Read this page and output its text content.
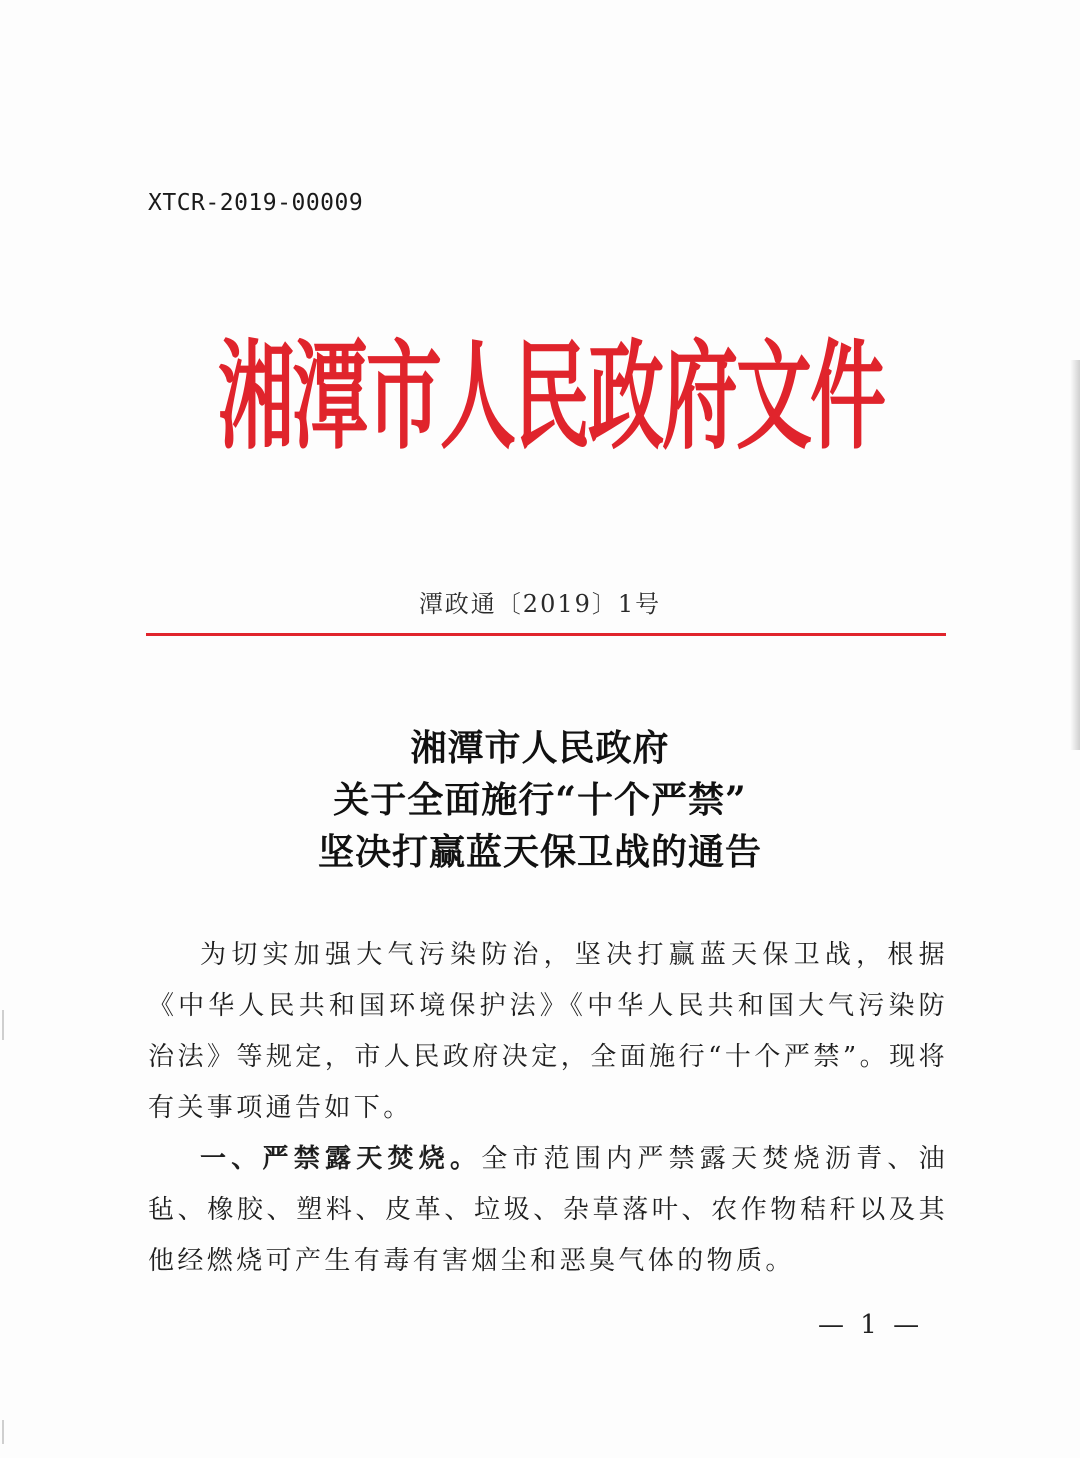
XTCR-2019-00009
湘潭市人民政府文件
潭政通〔2019〕1号
湘潭市人民政府
关于全面施行“十个严禁”
坚决打赢蓝天保卫战的通告

为切实加强大气污染防治，坚决打赢蓝天保卫战，根据《中华人民共和国环境保护法》《中华人民共和国大气污染防治法》等规定，市人民政府决定，全面施行“十个严禁”。现将有关事项通告如下。

一、严禁露天焚烧。全市范围内严禁露天焚烧沥青、油毡、橡胶、塑料、皮革、垃圾、杂草落叶、农作物秸秆以及其他经燃烧可产生有毒有害烟尘和恶臭气体的物质。

— 1 —
